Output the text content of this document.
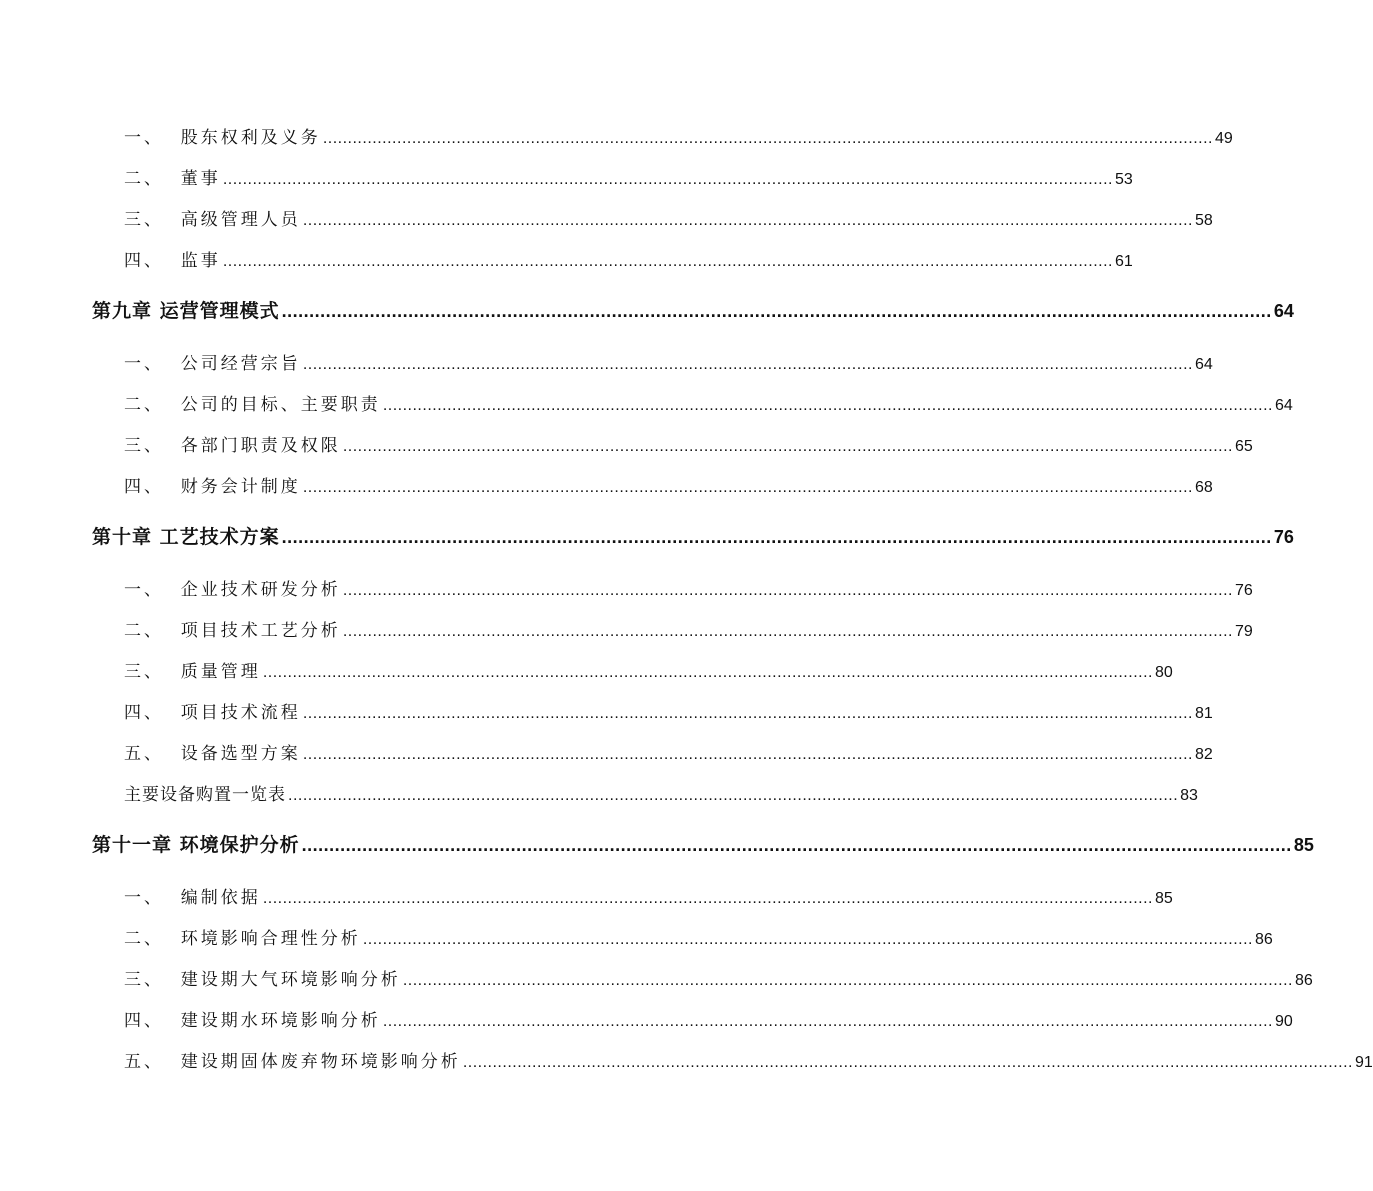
一、  股东权利及义务 .................................................................................................................................................................................... 49
二、  董事 .................................................................................................................................................................................... 53
三、  高级管理人员 .................................................................................................................................................................................... 58
四、  监事 .................................................................................................................................................................................... 61
第九章 运营管理模式 .................................................................................................................................................................................... 64
一、  公司经营宗旨 .................................................................................................................................................................................... 64
二、  公司的目标、主要职责 .................................................................................................................................................................................... 64
三、  各部门职责及权限 .................................................................................................................................................................................... 65
四、  财务会计制度 .................................................................................................................................................................................... 68
第十章 工艺技术方案 .................................................................................................................................................................................... 76
一、  企业技术研发分析 .................................................................................................................................................................................... 76
二、  项目技术工艺分析 .................................................................................................................................................................................... 79
三、  质量管理 .................................................................................................................................................................................... 80
四、  项目技术流程 .................................................................................................................................................................................... 81
五、  设备选型方案 .................................................................................................................................................................................... 82
主要设备购置一览表 .................................................................................................................................................................................... 83
第十一章 环境保护分析 .................................................................................................................................................................................... 85
一、  编制依据 .................................................................................................................................................................................... 85
二、  环境影响合理性分析 .................................................................................................................................................................................... 86
三、  建设期大气环境影响分析 .................................................................................................................................................................................... 86
四、  建设期水环境影响分析 .................................................................................................................................................................................... 90
五、  建设期固体废弃物环境影响分析 .................................................................................................................................................................................... 91
